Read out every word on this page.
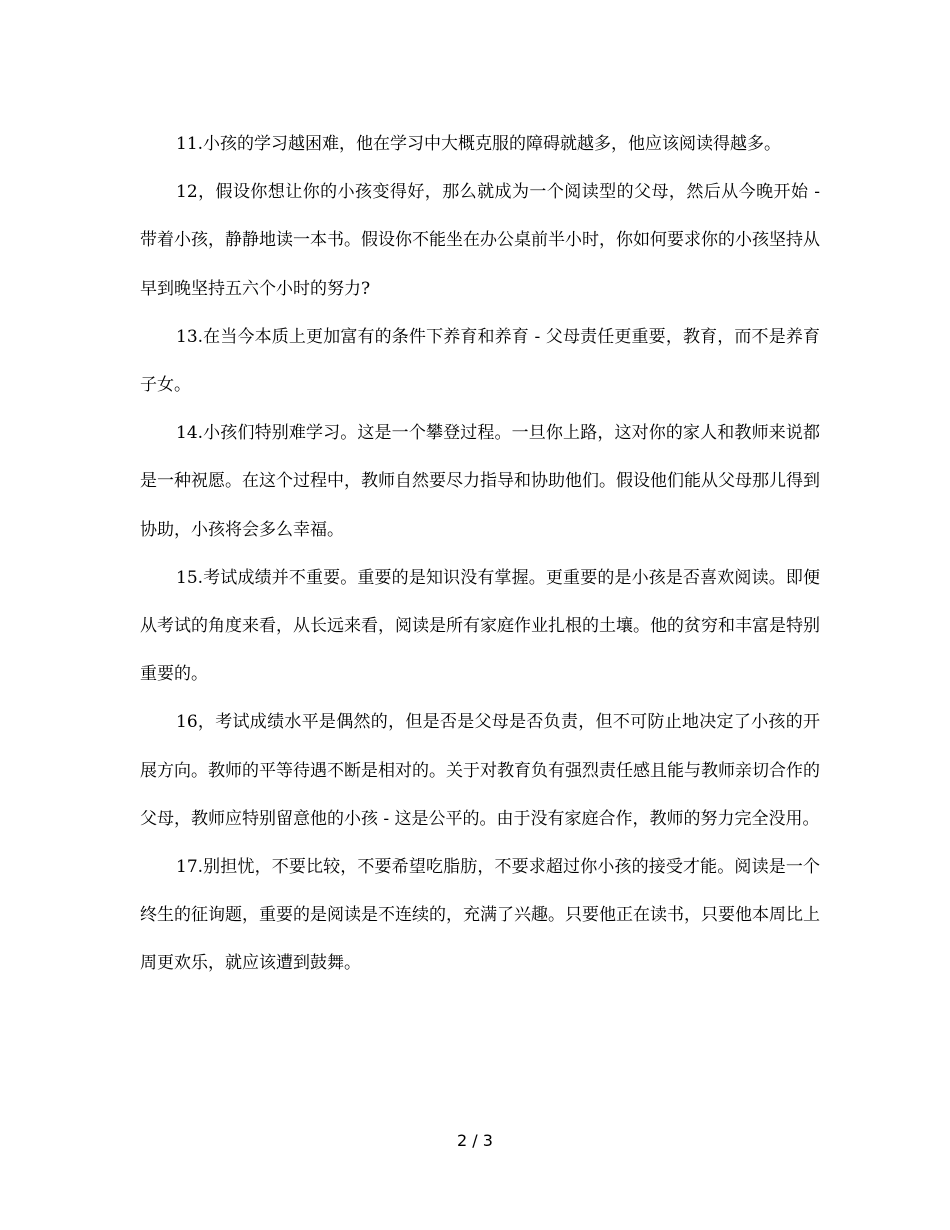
11.小孩的学习越困难，他在学习中大概克服的障碍就越多，他应该阅读得越多。

12，假设你想让你的小孩变得好，那么就成为一个阅读型的父母，然后从今晚开始 - 带着小孩，静静地读一本书。假设你不能坐在办公桌前半小时，你如何要求你的小孩坚持从早到晚坚持五六个小时的努力?

13.在当今本质上更加富有的条件下养育和养育 - 父母责任更重要，教育，而不是养育子女。

14.小孩们特别难学习。这是一个攀登过程。一旦你上路，这对你的家人和教师来说都是一种祝愿。在这个过程中，教师自然要尽力指导和协助他们。假设他们能从父母那儿得到协助，小孩将会多么幸福。

15.考试成绩并不重要。重要的是知识没有掌握。更重要的是小孩是否喜欢阅读。即便从考试的角度来看，从长远来看，阅读是所有家庭作业扎根的土壤。他的贫穷和丰富是特别重要的。

16，考试成绩水平是偶然的，但是否是父母是否负责，但不可防止地决定了小孩的开展方向。教师的平等待遇不断是相对的。关于对教育负有强烈责任感且能与教师亲切合作的父母，教师应特别留意他的小孩 - 这是公平的。由于没有家庭合作，教师的努力完全没用。

17.别担忧，不要比较，不要希望吃脂肪，不要求超过你小孩的接受才能。阅读是一个终生的征询题，重要的是阅读是不连续的，充满了兴趣。只要他正在读书，只要他本周比上周更欢乐，就应该遭到鼓舞。

2 / 3
